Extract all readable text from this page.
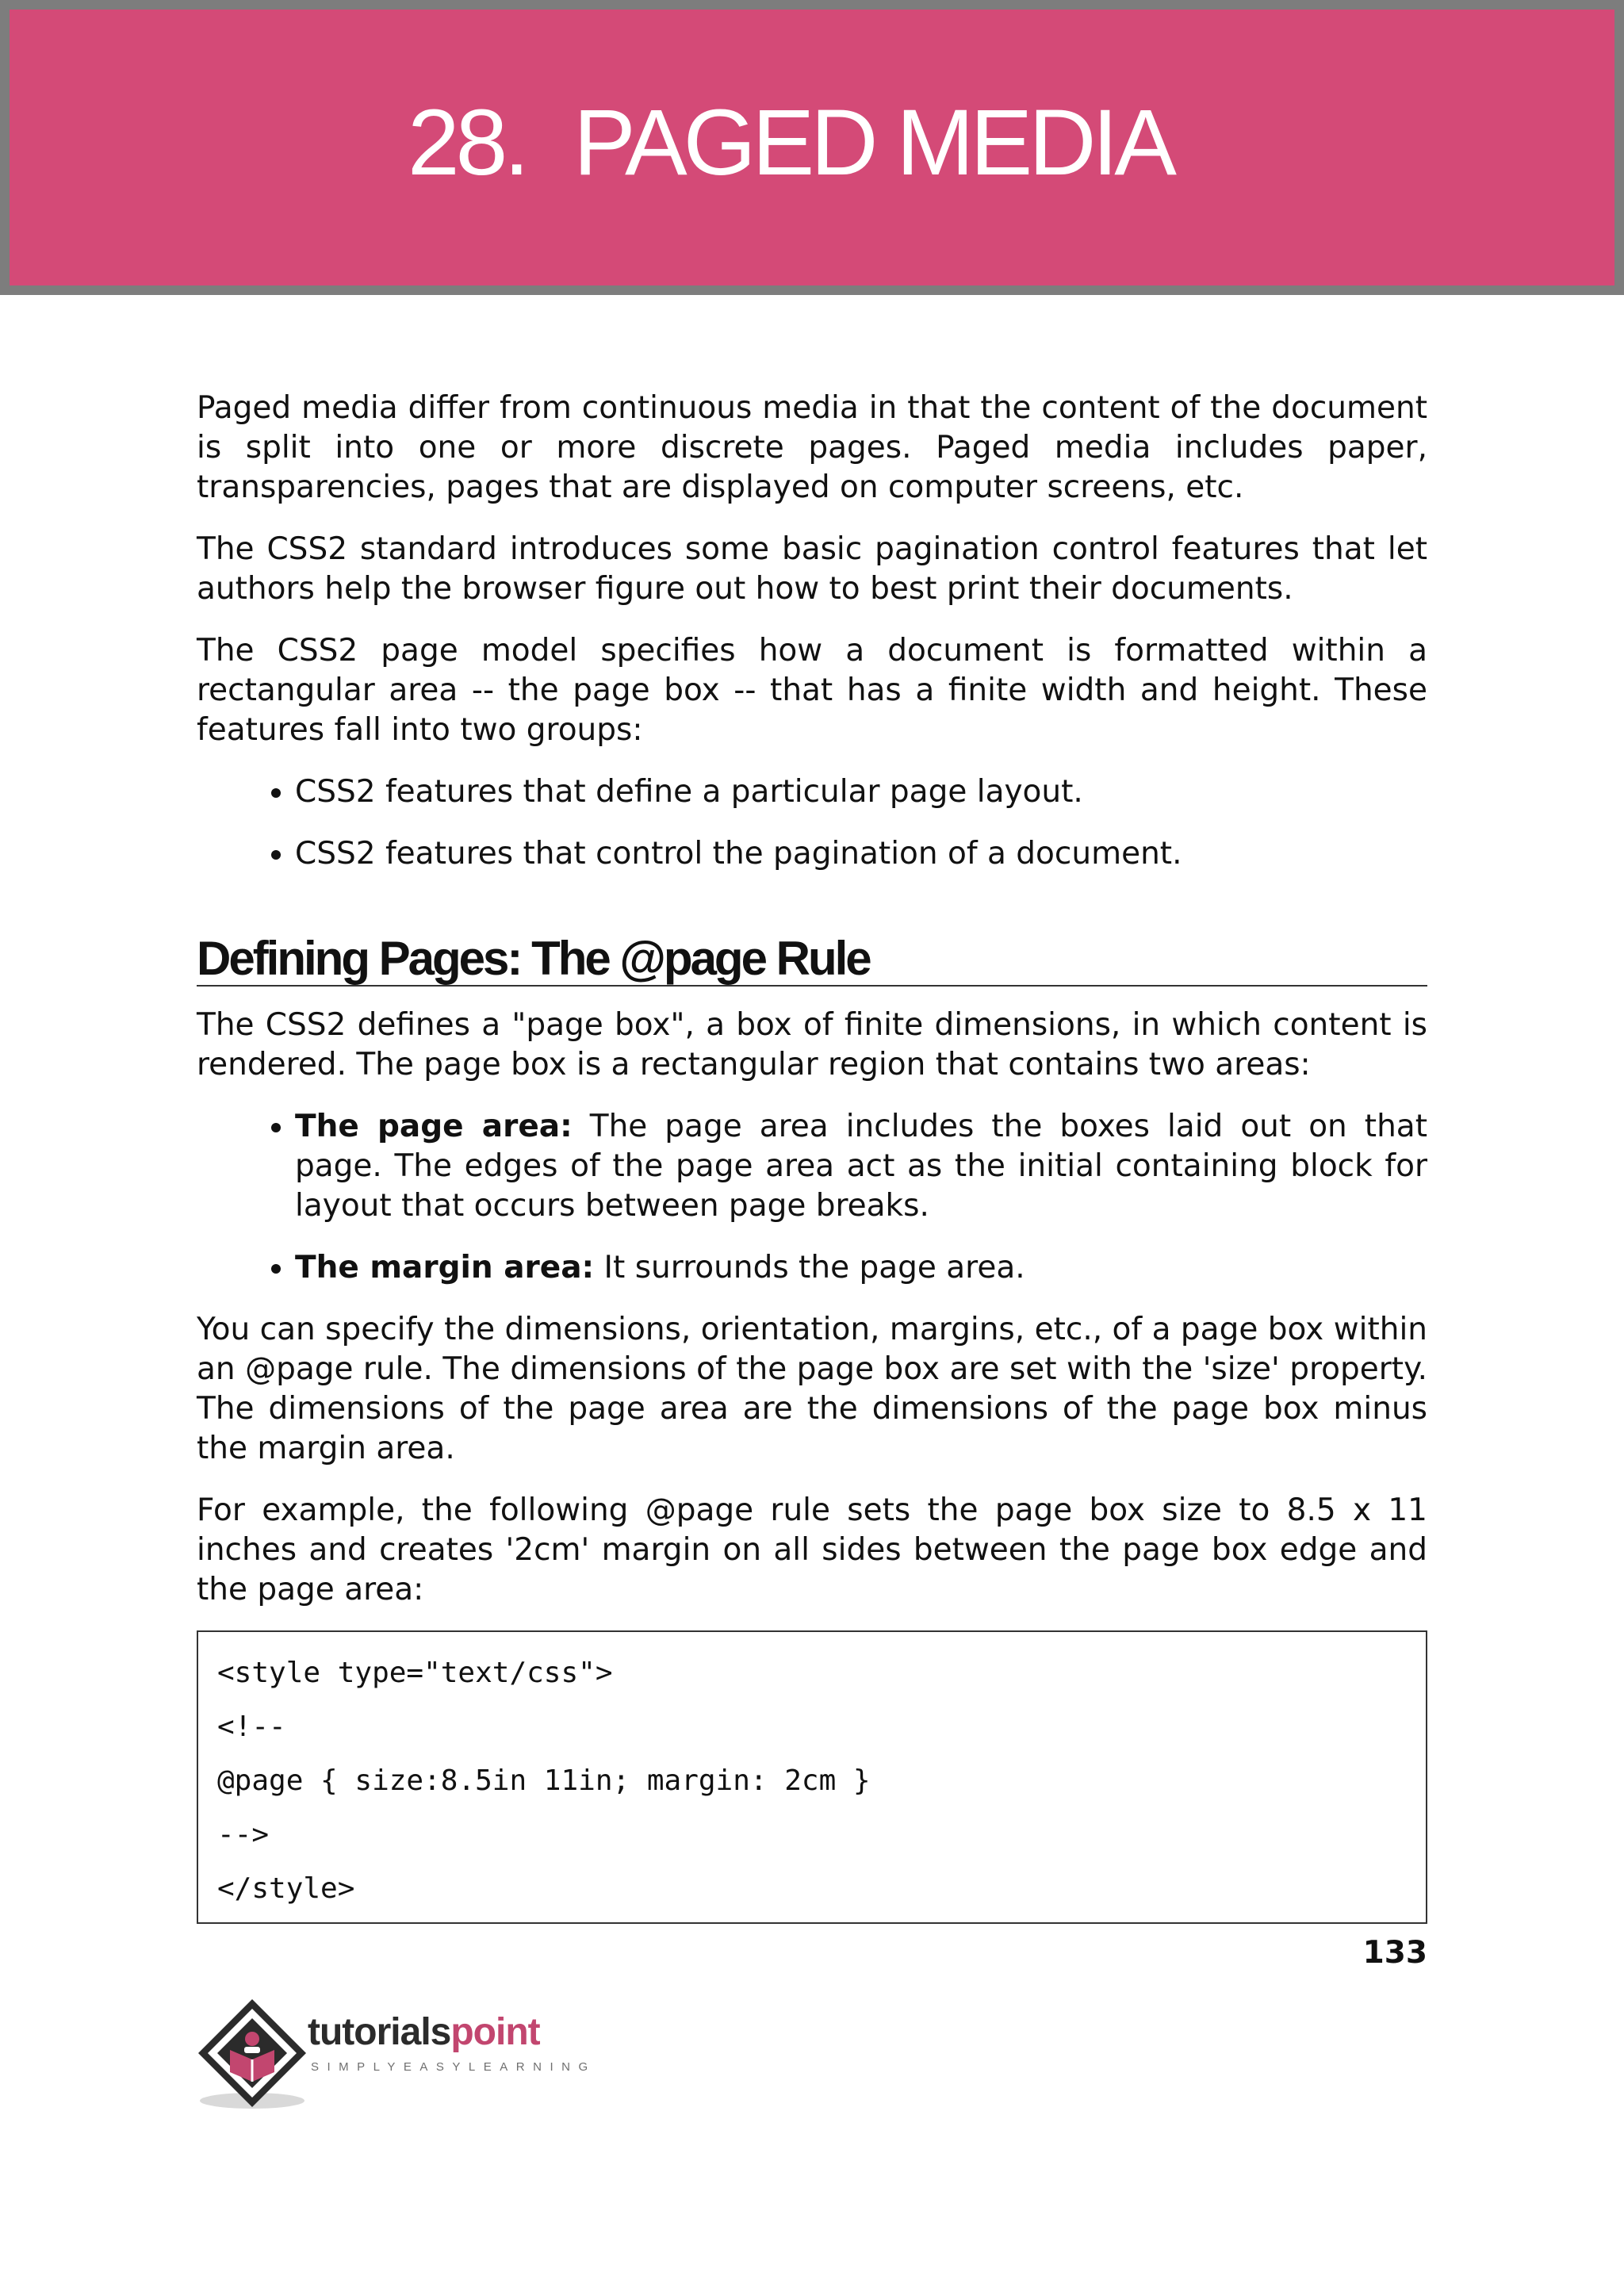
28. PAGED MEDIA

Paged media differ from continuous media in that the content of the document is split into one or more discrete pages. Paged media includes paper, transparencies, pages that are displayed on computer screens, etc.

The CSS2 standard introduces some basic pagination control features that let authors help the browser figure out how to best print their documents.

The CSS2 page model specifies how a document is formatted within a rectangular area -- the page box -- that has a finite width and height. These features fall into two groups:

• CSS2 features that define a particular page layout.
• CSS2 features that control the pagination of a document.
Defining Pages: The @page Rule

The CSS2 defines a "page box", a box of finite dimensions, in which content is rendered. The page box is a rectangular region that contains two areas:

• The page area: The page area includes the boxes laid out on that page. The edges of the page area act as the initial containing block for layout that occurs between page breaks.
• The margin area: It surrounds the page area.

You can specify the dimensions, orientation, margins, etc., of a page box within an @page rule. The dimensions of the page box are set with the 'size' property. The dimensions of the page area are the dimensions of the page box minus the margin area.

For example, the following @page rule sets the page box size to 8.5 x 11 inches and creates '2cm' margin on all sides between the page box edge and the page area:

<style type="text/css">
<!--
@page { size:8.5in 11in; margin: 2cm }
-->
</style>
133
tutorialspoint
SIMPLYEASYLEARNING
